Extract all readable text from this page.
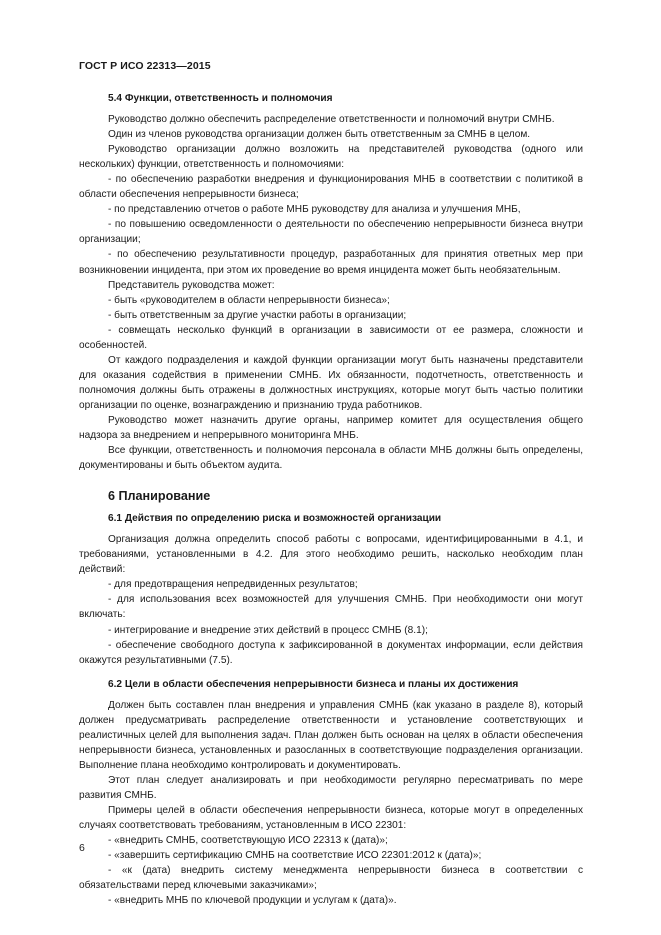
ГОСТ Р ИСО 22313—2015

5.4 Функции, ответственность и полномочия

Руководство должно обеспечить распределение ответственности и полномочий внутри СМНБ.

Один из членов руководства организации должен быть ответственным за СМНБ в целом.

Руководство организации должно возложить на представителей руководства (одного или нескольких) функции, ответственность и полномочиями:

- по обеспечению разработки внедрения и функционирования МНБ в соответствии с политикой в области обеспечения непрерывности бизнеса;

- по представлению отчетов о работе МНБ руководству для анализа и улучшения МНБ,

- по повышению осведомленности о деятельности по обеспечению непрерывности бизнеса внутри организации;

- по обеспечению результативности процедур, разработанных для принятия ответных мер при возникновении инцидента, при этом их проведение во время инцидента может быть необязательным.

Представитель руководства может:

- быть «руководителем в области непрерывности бизнеса»;

- быть ответственным за другие участки работы в организации;

- совмещать несколько функций в организации в зависимости от ее размера, сложности и особенностей.

От каждого подразделения и каждой функции организации могут быть назначены представители для оказания содействия в применении СМНБ. Их обязанности, подотчетность, ответственность и полномочия должны быть отражены в должностных инструкциях, которые могут быть частью политики организации по оценке, вознаграждению и признанию труда работников.

Руководство может назначить другие органы, например комитет для осуществления общего надзора за внедрением и непрерывного мониторинга МНБ.

Все функции, ответственность и полномочия персонала в области МНБ должны быть определены, документированы и быть объектом аудита.

6 Планирование

6.1 Действия по определению риска и возможностей организации

Организация должна определить способ работы с вопросами, идентифицированными в 4.1, и требованиями, установленными в 4.2. Для этого необходимо решить, насколько необходим план действий:

- для предотвращения непредвиденных результатов;

- для использования всех возможностей для улучшения СМНБ. При необходимости они могут включать:

- интегрирование и внедрение этих действий в процесс СМНБ (8.1);

- обеспечение свободного доступа к зафиксированной в документах информации, если действия окажутся результативными (7.5).

6.2 Цели в области обеспечения непрерывности бизнеса и планы их достижения

Должен быть составлен план внедрения и управления СМНБ (как указано в разделе 8), который должен предусматривать распределение ответственности и установление соответствующих и реалистичных целей для выполнения задач. План должен быть основан на целях в области обеспечения непрерывности бизнеса, установленных и разосланных в соответствующие подразделения организации. Выполнение плана необходимо контролировать и документировать.

Этот план следует анализировать и при необходимости регулярно пересматривать по мере развития СМНБ.

Примеры целей в области обеспечения непрерывности бизнеса, которые могут в определенных случаях соответствовать требованиям, установленным в ИСО 22301:

- «внедрить СМНБ, соответствующую ИСО 22313 к (дата)»;

- «завершить сертификацию СМНБ на соответствие ИСО 22301:2012 к (дата)»;

- «к (дата) внедрить систему менеджмента непрерывности бизнеса в соответствии с обязательствами перед ключевыми заказчиками»;

- «внедрить МНБ по ключевой продукции и услугам к (дата)».

6
